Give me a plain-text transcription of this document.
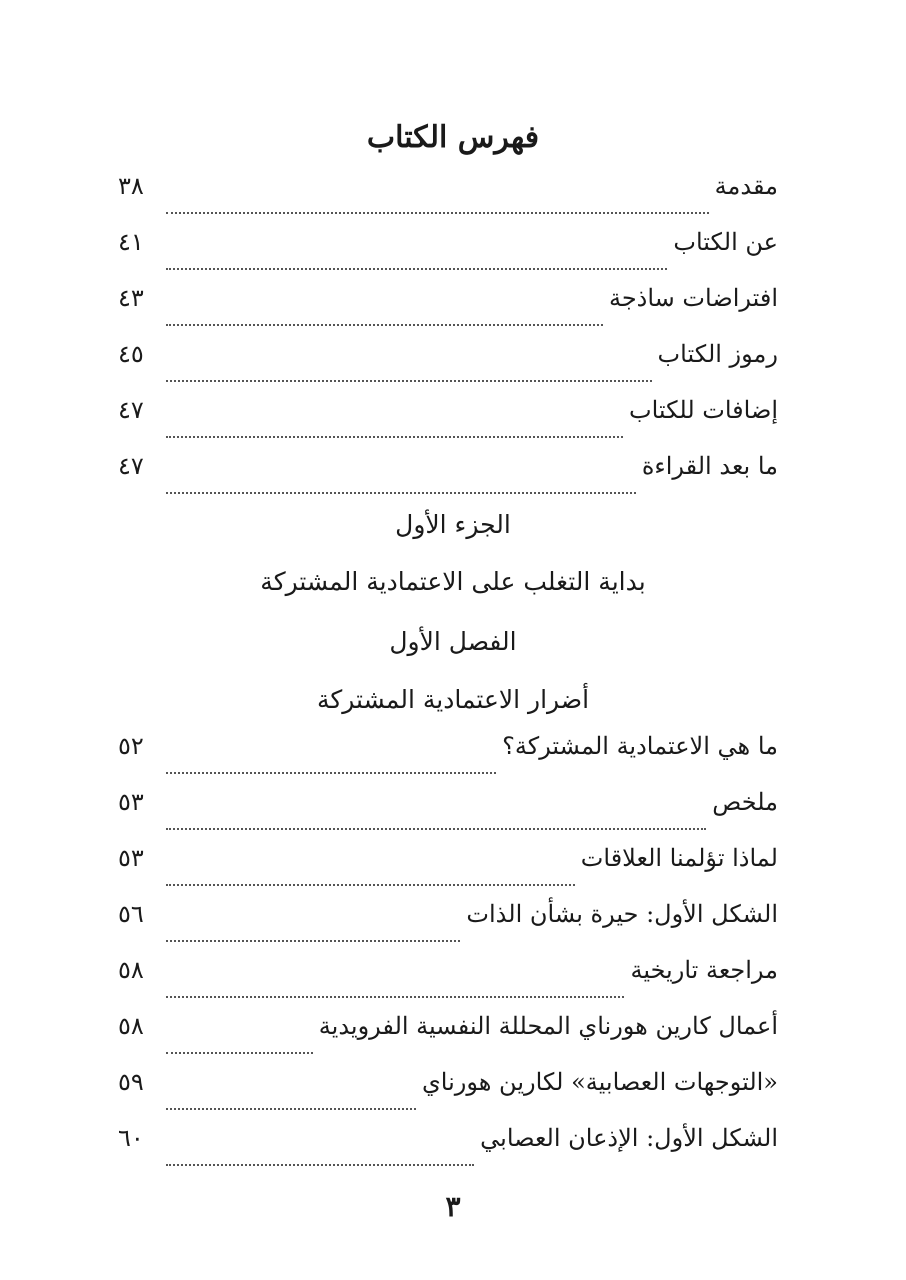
فهرس الكتاب
مقدمة
٣٨
عن الكتاب
٤١
افتراضات ساذجة
٤٣
رموز الكتاب
٤٥
إضافات للكتاب
٤٧
ما بعد القراءة
٤٧
الجزء الأول
بداية التغلب على الاعتمادية المشتركة
الفصل الأول
أضرار الاعتمادية المشتركة
ما هي الاعتمادية المشتركة؟
٥٢
ملخص
٥٣
لماذا تؤلمنا العلاقات
٥٣
الشكل الأول: حيرة بشأن الذات
٥٦
مراجعة تاريخية
٥٨
أعمال كارين هورناي المحللة النفسية الفرويدية
٥٨
«التوجهات العصابية» لكارين هورناي
٥٩
الشكل الأول: الإذعان العصابي
٦٠
٣
